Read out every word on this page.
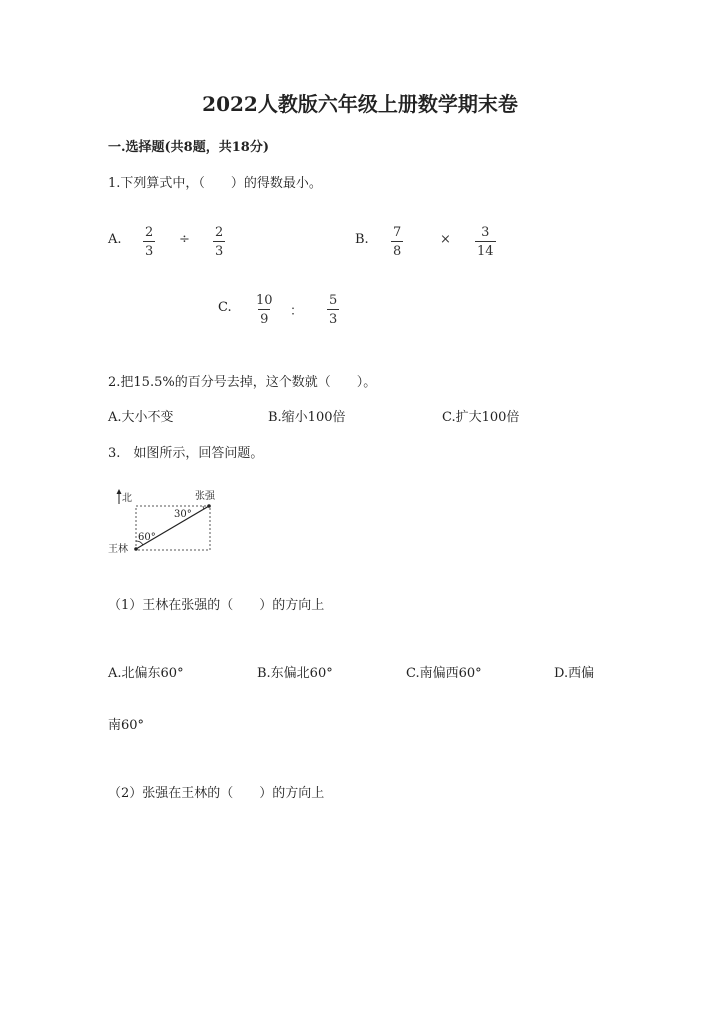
2022人教版六年级上册数学期末卷
一.选择题(共8题，共18分)
1.下列算式中，（　　）的得数最小。
A. $\frac{2}{3} \div \frac{2}{3}$	B. $\frac{7}{8}$	× $\frac{3}{14}$
C. $\frac{10}{9}$ ： $\frac{5}{3}$
2.把15.5%的百分号去掉，这个数就（　　）。
A.大小不变	B.缩小100倍	C.扩大100倍
3.　如图所示，回答问题。
北	张强
王林
30°
60°
（1）王林在张强的（　　）的方向上
A.北偏东60°	B.东偏北60°	C.南偏西60°	D.西偏
南60°
（2）张强在王林的（　　）的方向上
